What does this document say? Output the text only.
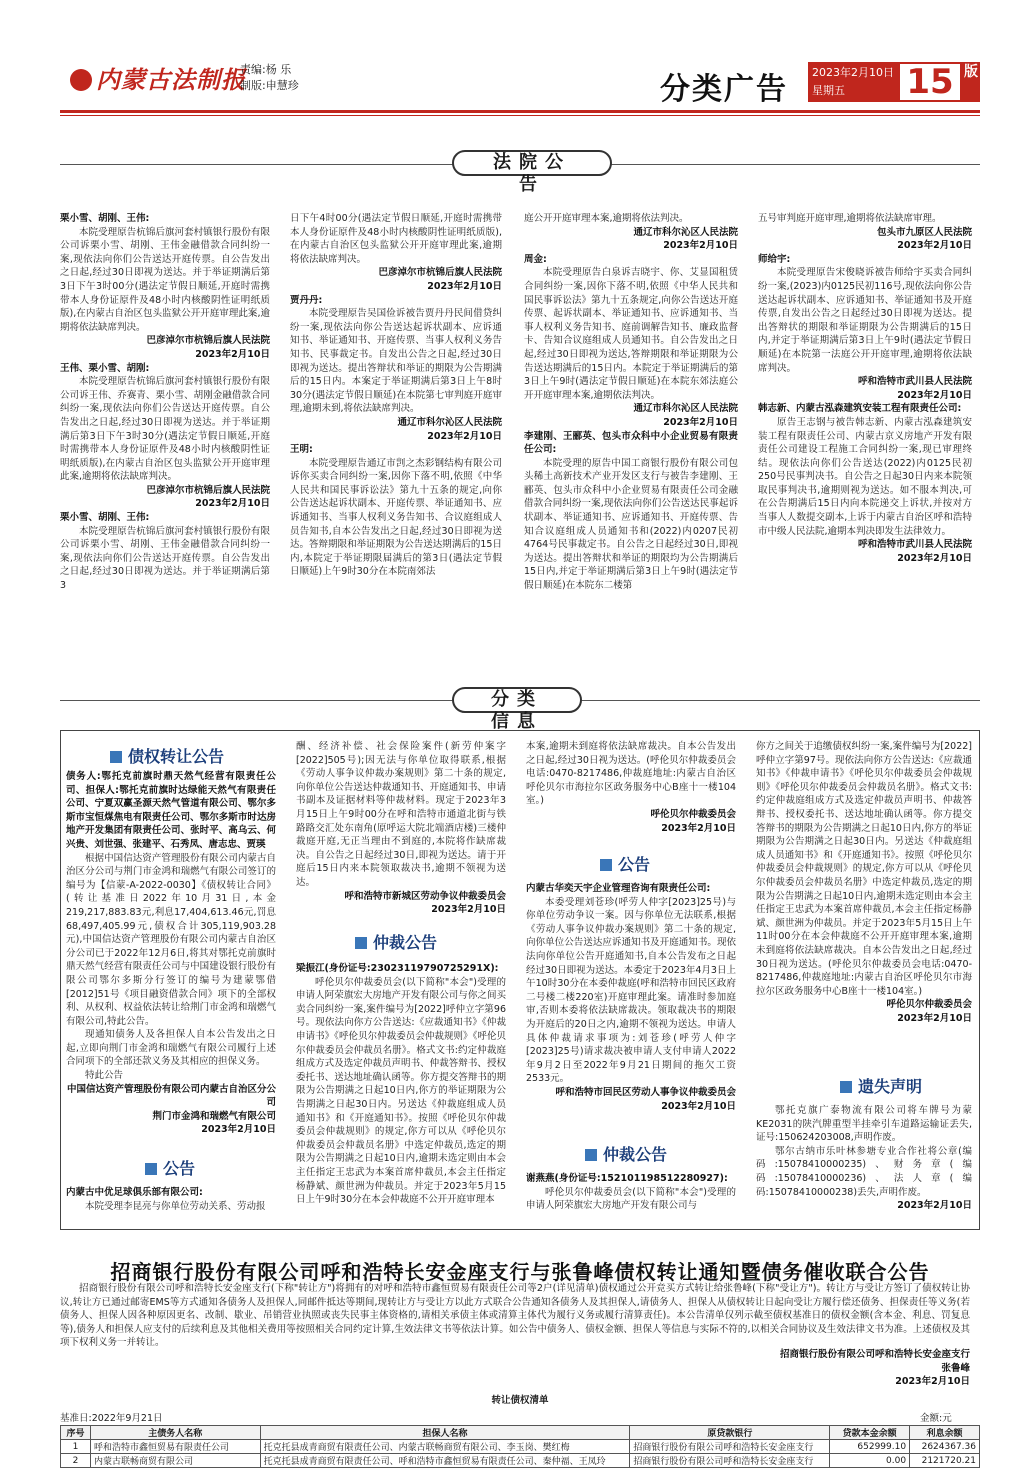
内蒙古法制报
责编:杨 乐
制版:申慧珍	分类广告 2023年2月10日
星期五	15 版
法院公告

栗小雪、胡刚、王伟:

本院受理原告杭锦后旗河套村镇银行股份有限公司诉栗小雪、胡刚、王伟金融借款合同纠纷一案,现依法向你们公告送达开庭传票。自公告发出之日起,经过30日即视为送达。并于举证期满后第3日下午3时00分(遇法定节假日顺延,开庭时需携带本人身份证原件及48小时内核酸阴性证明纸质版),在内蒙古自治区包头监狱公开开庭审理此案,逾期将依法缺席判决。

巴彦淖尔市杭锦后旗人民法院

2023年2月10日

王伟、栗小雪、胡刚:

本院受理原告杭锦后旗河套村镇银行股份有限公司诉王伟、乔赛青、栗小雪、胡刚金融借款合同纠纷一案,现依法向你们公告送达开庭传票。自公告发出之日起,经过30日即视为送达。并于举证期满后第3日下午3时30分(遇法定节假日顺延,开庭时需携带本人身份证原件及48小时内核酸阴性证明纸质版),在内蒙古自治区包头监狱公开开庭审理此案,逾期将依法缺席判决。

巴彦淖尔市杭锦后旗人民法院

2023年2月10日

栗小雪、胡刚、王伟:

本院受理原告杭锦后旗河套村镇银行股份有限公司诉栗小雪、胡刚、王伟金融借款合同纠纷一案,现依法向你们公告送达开庭传票。自公告发出之日起,经过30日即视为送达。并于举证期满后第3

日下午4时00分(遇法定节假日顺延,开庭时需携带本人身份证原件及48小时内核酸阴性证明纸质版),在内蒙古自治区包头监狱公开开庭审理此案,逾期将依法缺席判决。

巴彦淖尔市杭锦后旗人民法院

2023年2月10日

贾丹丹:

本院受理原告吴国俭诉被告贾丹丹民间借贷纠纷一案,现依法向你公告送达起诉状副本、应诉通知书、举证通知书、开庭传票、当事人权利义务告知书、民事裁定书。自发出公告之日起,经过30日即视为送达。提出答辩状和举证的期限为公告期满后的15日内。本案定于举证期满后第3日上午8时30分(遇法定节假日顺延)在本院第七审判庭开庭审理,逾期未到,将依法缺席判决。

通辽市科尔沁区人民法院

2023年2月10日

王明:

本院受理原告通辽市剀之杰彩钢结构有限公司诉你买卖合同纠纷一案,因你下落不明,依照《中华人民共和国民事诉讼法》第九十五条的规定,向你公告送达起诉状副本、开庭传票、举证通知书、应诉通知书、当事人权利义务告知书、合议庭组成人员告知书,自本公告发出之日起,经过30日即视为送达。答辩期限和举证期限为公告送达期满后的15日内,本院定于举证期限届满后的第3日(遇法定节假日顺延)上午9时30分在本院南郊法

庭公开开庭审理本案,逾期将依法判决。

通辽市科尔沁区人民法院

2023年2月10日

周金:

本院受理原告白泉诉吉晓宇、你、艾显国租赁合同纠纷一案,因你下落不明,依照《中华人民共和国民事诉讼法》第九十五条规定,向你公告送达开庭传票、起诉状副本、举证通知书、应诉通知书、当事人权利义务告知书、庭前调解告知书、廉政监督卡、告知合议庭组成人员通知书。自公告发出之日起,经过30日即视为送达,答辩期限和举证期限为公告送达期满后的15日内。本院定于举证期满后的第3日上午9时(遇法定节假日顺延)在本院东郊法庭公开开庭审理本案,逾期依法判决。

通辽市科尔沁区人民法院

2023年2月10日

李建刚、王郦英、包头市众科中小企业贸易有限责任公司:

本院受理的原告中国工商银行股份有限公司包头稀土高新技术产业开发区支行与被告李建刚、王郦英、包头市众科中小企业贸易有限责任公司金融借款合同纠纷一案,现依法向你们公告送达民事起诉状副本、举证通知书、应诉通知书、开庭传票、告知合议庭组成人员通知书和(2022)内0207民初4764号民事裁定书。自公告之日起经过30日,即视为送达。提出答辩状和举证的期限均为公告期满后15日内,并定于举证期满后第3日上午9时(遇法定节假日顺延)在本院东二楼第

五号审判庭开庭审理,逾期将依法缺席审理。

包头市九原区人民法院

2023年2月10日

师给宇:

本院受理原告宋俊晓诉被告师给宇买卖合同纠纷一案,(2023)内0125民初116号,现依法向你公告送达起诉状副本、应诉通知书、举证通知书及开庭传票,自发出公告之日起经过30日即视为送达。提出答辩状的期限和举证期限为公告期满后的15日内,并定于举证期满后第3日上午9时(遇法定节假日顺延)在本院第一法庭公开开庭审理,逾期将依法缺席判决。

呼和浩特市武川县人民法院

2023年2月10日

韩志新、内蒙古泓森建筑安装工程有限责任公司:

原告王志钢与被告韩志新、内蒙古泓森建筑安装工程有限责任公司、内蒙古京义房地产开发有限责任公司建设工程施工合同纠纷一案,现已审理终结。现依法向你们公告送达(2022)内0125民初250号民事判决书。自公告之日起30日内来本院领取民事判决书,逾期则视为送达。如不服本判决,可在公告期满后15日内向本院递交上诉状,并按对方当事人人数提交副本,上诉于内蒙古自治区呼和浩特市中级人民法院,逾期本判决即发生法律效力。

呼和浩特市武川县人民法院

2023年2月10日

分类信息
债权转让公告

债务人:鄂托克前旗时鼎天然气经营有限责任公司、担保人:鄂托克前旗时达绿能天然气有限责任公司、宁夏双赢圣源天然气管道有限公司、鄂尔多斯市宝恒煤焦电有限责任公司、鄂尔多斯市时达房地产开发集团有限责任公司、张时平、高乌云、何兴贵、刘世强、张建平、石秀凤、唐志忠、贾瑛

根据中国信达资产管理股份有限公司内蒙古自治区分公司与荆门市金鸿和瑞燃气有限公司签订的编号为【信蒙-A-2022-0030】《债权转让合同》(转让基准日2022年10月31日,本金219,217,883.83元,利息17,404,613.46元,罚息68,497,405.99元,债权合计305,119,903.28元),中国信达资产管理股份有限公司内蒙古自治区分公司已于2022年12月6日,将其对鄂托克前旗时鼎天然气经营有限责任公司与中国建设银行股份有限公司鄂尔多斯分行签订的编号为建蒙鄂借[2012]51号《项目融资借款合同》项下的全部权利、从权利、权益依法转让给荆门市金鸿和瑞燃气有限公司,特此公告。

现通知债务人及各担保人自本公告发出之日起,立即向荆门市金鸿和瑞燃气有限公司履行上述合同项下的全部还款义务及其相应的担保义务。

特此公告

中国信达资产管理股份有限公司内蒙古自治区分公司

荆门市金鸿和瑞燃气有限公司

2023年2月10日

公告

内蒙古中优足球俱乐部有限公司:

本院受理李昆亮与你单位劳动关系、劳动报

酬、经济补偿、社会保险案件(新劳仲案字[2022]505号);因无法与你单位取得联系,根据《劳动人事争议仲裁办案规则》第二十条的规定,向你单位公告送达仲裁通知书、开庭通知书、申请书副本及证据材料等仲裁材料。现定于2023年3月15日上午9时00分在呼和浩特市通道北街与铁路路交汇处东南角(原呼运大院北端酒店楼)三楼仲裁庭开庭,无正当理由不到庭的,本院将作缺席裁决。自公告之日起经过30日,即视为送达。请于开庭后15日内来本院领取裁决书,逾期不领视为送达。

呼和浩特市新城区劳动争议仲裁委员会

2023年2月10日

仲裁公告

梁振江(身份证号:23023119790725291X):

呼伦贝尔仲裁委员会(以下简称"本会")受理的申请人阿荣旗宏大房地产开发有限公司与你之间买卖合同纠纷一案,案件编号为[2022]呼仲立字第96号。现依法向你方公告送达:《应裁通知书》《仲裁申请书》《呼伦贝尔仲裁委员会仲裁规则》《呼伦贝尔仲裁委员会仲裁员名册》。格式文书:约定仲裁庭组成方式及选定仲裁员声明书、仲裁答辩书、授权委托书、送达地址确认函等。你方提交答辩书的期限为公告期满之日起10日内,你方的举证期限为公告期满之日起30日内。另送达《仲裁庭组成人员通知书》和《开庭通知书》。按照《呼伦贝尔仲裁委员会仲裁规则》的规定,你方可以从《呼伦贝尔仲裁委员会仲裁员名册》中选定仲裁员,选定的期限为公告期满之日起10日内,逾期未选定则由本会主任指定王忠武为本案首席仲裁员,本会主任指定杨静斌、颜世洲为仲裁员。并定于2023年5月15日上午9时30分在本会仲裁庭不公开开庭审理本

本案,逾期未到庭将依法缺席裁决。自本公告发出之日起,经过30日视为送达。(呼伦贝尔仲裁委员会电话:0470-8217486,仲裁庭地址:内蒙古自治区呼伦贝尔市海拉尔区政务服务中心B座十一楼104室。)

呼伦贝尔仲裁委员会

2023年2月10日

公告

内蒙古华奕天宇企业管理咨询有限责任公司:

本委受理刘苍珍(呼劳人仲字[2023]25号)与你单位劳动争议一案。因与你单位无法联系,根据《劳动人事争议仲裁办案规则》第二十条的规定,向你单位公告送达应诉通知书及开庭通知书。现依法向你单位公告开庭通知书,自本公告发布之日起经过30日即视为送达。本委定于2023年4月3日上午10时30分在本委仲裁庭(呼和浩特市回民区政府二号楼二楼220室)开庭审理此案。请准时参加庭审,否则本委将依法缺席裁决。领取裁决书的期限为开庭后的20日之内,逾期不领视为送达。申请人具体仲裁请求事项为:刘苍珍(呼劳人仲字[2023]25号)请求裁决被申请人支付申请人2022年9月2日至2022年9月21日期间的拖欠工资2533元。

呼和浩特市回民区劳动人事争议仲裁委员会

2023年2月10日

仲裁公告

谢燕燕(身份证号:152101198512280927):

呼伦贝尔仲裁委员会(以下简称"本会")受理的申请人阿荣旗宏大房地产开发有限公司与

你方之间关于追缴债权纠纷一案,案件编号为[2022]呼仲立字第97号。现依法向你方公告送达:《应裁通知书》《仲裁申请书》《呼伦贝尔仲裁委员会仲裁规则》《呼伦贝尔仲裁委员会仲裁员名册》。格式文书:约定仲裁庭组成方式及选定仲裁员声明书、仲裁答辩书、授权委托书、送达地址确认函等。你方提交答辩书的期限为公告期满之日起10日内,你方的举证期限为公告期满之日起30日内。另送达《仲裁庭组成人员通知书》和《开庭通知书》。按照《呼伦贝尔仲裁委员会仲裁规则》的规定,你方可以从《呼伦贝尔仲裁委员会仲裁员名册》中选定仲裁员,选定的期限为公告期满之日起10日内,逾期未选定则由本会主任指定王忠武为本案首席仲裁员,本会主任指定杨静斌、颜世洲为仲裁员。并定于2023年5月15日上午11时00分在本会仲裁庭不公开开庭审理本案,逾期未到庭将依法缺席裁决。自本公告发出之日起,经过30日视为送达。(呼伦贝尔仲裁委员会电话:0470-8217486,仲裁庭地址:内蒙古自治区呼伦贝尔市海拉尔区政务服务中心B座十一楼104室。)

呼伦贝尔仲裁委员会

2023年2月10日

遗失声明

鄂托克旗广泰物流有限公司将车牌号为蒙KE2031的陕汽牌重型半挂牵引车道路运输证丢失,证号:150624203008,声明作废。

鄂尔古纳市乐叶林参塘专业合作社将公章(编码:15078410000235)、财务章(编码:15078410000236)、法人章(编码:15078410000238)丢失,声明作废。

2023年2月10日

招商银行股份有限公司呼和浩特长安金座支行与张鲁峰债权转让通知暨债务催收联合公告
招商银行股份有限公司呼和浩特长安金座支行(下称"转让方")将拥有的对呼和浩特市鑫恒贸易有限责任公司等2户(详见清单)债权通过公开竞买方式转让给张鲁峰(下称"受让方")。转让方与受让方签订了债权转让协议,转让方已通过邮寄EMS等方式通知各债务人及担保人,同邮件抵达等期间,现转让方与受让方以此方式联合公告通知各债务人及其担保人,请债务人、担保人从债权转让日起向受让方履行偿还债务、担保责任等义务(若债务人、担保人因各种原因更名、改制、歇业、吊销营业执照或丧失民事主体资格的,请相关承债主体或清算主体代为履行义务或履行清算责任)。本公告清单仅列示截至债权基准日的债权金额(含本金、利息、罚复息等),债务人和担保人应支付的后续利息及其他相关费用等按照相关合同约定计算,生效法律文书等依法计算。如公告中债务人、债权金额、担保人等信息与实际不符的,以相关合同协议及生效法律文书为准。上述债权及其项下权利义务一并转让。
招商银行股份有限公司呼和浩特长安金座支行
张鲁峰
2023年2月10日
转让债权清单
基准日:2022年9月21日	金额:元
序号	主债务人名称	担保人名称	原贷款银行	贷款本金余额	利息余额
1	呼和浩特市鑫恒贸易有限责任公司	托克托县成青商贸有限责任公司、内蒙古联畅商贸有限公司、李玉岗、樊红梅	招商银行股份有限公司呼和浩特长安金座支行	652999.10	2624367.36
2	内蒙古联畅商贸有限公司	托克托县成青商贸有限责任公司、呼和浩特市鑫恒贸易有限责任公司、秦仲福、王凤玲	招商银行股份有限公司呼和浩特长安金座支行	0.00	2121720.21
